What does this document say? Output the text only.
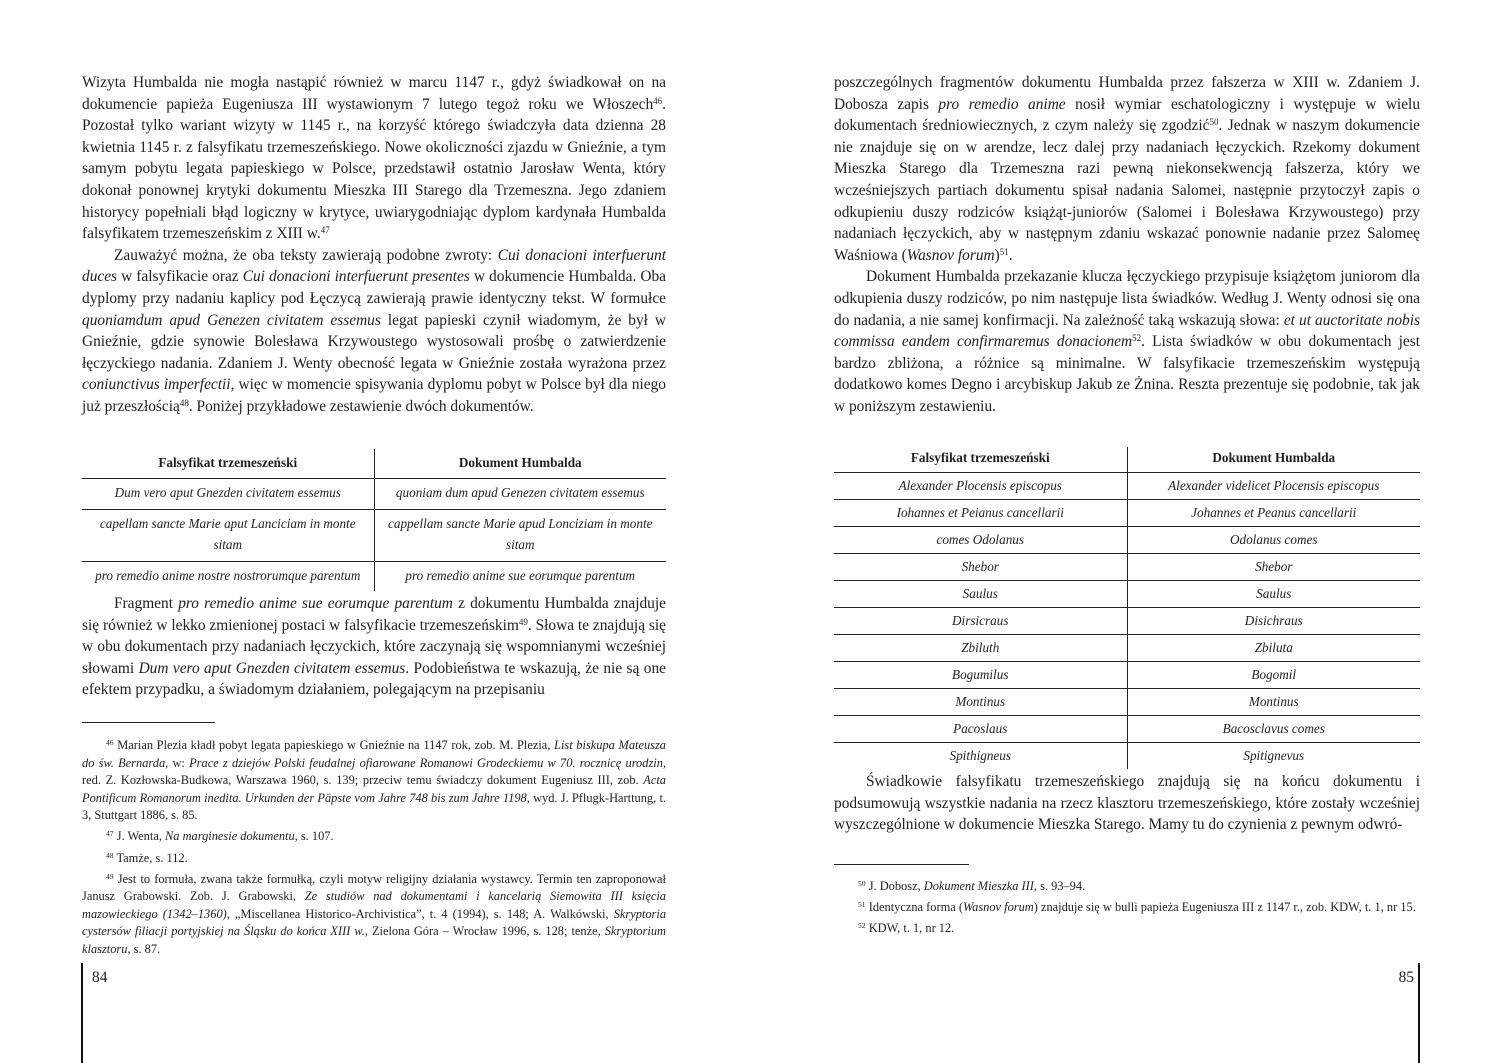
Wizyta Humbalda nie mogła nastąpić również w marcu 1147 r., gdyż świadkował on na dokumencie papieża Eugeniusza III wystawionym 7 lutego tegoż roku we Włoszech$^{46}$. Pozostał tylko wariant wizyty w 1145 r., na korzyść którego świadczyła data dzienna 28 kwietnia 1145 r. z falsyfikatu trzemeszeńskiego. Nowe okoliczności zjazdu w Gnieźnie, a tym samym pobytu legata papieskiego w Polsce, przedstawił ostatnio Jarosław Wenta, który dokonał ponownej krytyki dokumentu Mieszka III Starego dla Trzemeszna. Jego zdaniem historycy popełniali błąd logiczny w krytyce, uwiarygodniając dyplom kardynała Humbalda falsyfikatem trzemeszeńskim z XIII w.$^{47}$

Zauważyć można, że oba teksty zawierają podobne zwroty: Cui donacioni interfuerunt duces w falsyfikacie oraz Cui donacioni interfuerunt presentes w dokumencie Humbalda. Oba dyplomy przy nadaniu kaplicy pod Łęczycą zawierają prawie identyczny tekst. W formułce quoniamdum apud Genezen civitatem essemus legat papieski czynił wiadomym, że był w Gnieźnie, gdzie synowie Bolesława Krzywoustego wystosowali prośbę o zatwierdzenie łęczyckiego nadania. Zdaniem J. Wenty obecność legata w Gnieźnie została wyrażona przez coniunctivus imperfectii, więc w momencie spisywania dyplomu pobyt w Polsce był dla niego już przeszłością$^{48}$. Poniżej przykładowe zestawienie dwóch dokumentów.

Falsyfikat trzemeszeński	Dokument Humbalda
Dum vero aput Gnezden civitatem essemus	quoniam dum apud Genezen civitatem essemus
capellam sancte Marie aput Lanciciam in monte sitam	cappellam sancte Marie apud Lonciziam in monte sitam
pro remedio anime nostre nostrorumque parentum	pro remedio anime sue eorumque parentum

Fragment pro remedio anime sue eorumque parentum z dokumentu Humbalda znajduje się również w lekko zmienionej postaci w falsyfikacie trzemeszeńskim$^{49}$. Słowa te znajdują się w obu dokumentach przy nadaniach łęczyckich, które zaczynają się wspomnianymi wcześniej słowami Dum vero aput Gnezden civitatem essemus. Podobieństwa te wskazują, że nie są one efektem przypadku, a świadomym działaniem, polegającym na przepisaniu

$^{46}$ Marian Plezia kładł pobyt legata papieskiego w Gnieźnie na 1147 rok, zob. M. Plezia, List biskupa Mateusza do św. Bernarda, w: Prace z dziejów Polski feudalnej ofiarowane Romanowi Grodeckiemu w 70. rocznicę urodzin, red. Z. Kozłowska-Budkowa, Warszawa 1960, s. 139; przeciw temu świadczy dokument Eugeniusz III, zob. Acta Pontificum Romanorum inedita. Urkunden der Päpste vom Jahre 748 bis zum Jahre 1198, wyd. J. Pflugk-Harttung, t. 3, Stuttgart 1886, s. 85.

$^{47}$ J. Wenta, Na marginesie dokumentu, s. 107.

$^{48}$ Tamże, s. 112.

$^{49}$ Jest to formuła, zwana także formułką, czyli motyw religijny działania wystawcy. Termin ten zaproponował Janusz Grabowski. Zob. J. Grabowski, Ze studiów nad dokumentami i kancelarią Siemowita III księcia mazowieckiego (1342–1360), „Miscellanea Historico-Archivistica”, t. 4 (1994), s. 148; A. Walkówski, Skryptoria cystersów filiacji portyjskiej na Śląsku do końca XIII w., Zielona Góra – Wrocław 1996, s. 128; tenże, Skryptorium klasztoru, s. 87.

84

poszczególnych fragmentów dokumentu Humbalda przez fałszerza w XIII w. Zdaniem J. Dobosza zapis pro remedio anime nosił wymiar eschatologiczny i występuje w wielu dokumentach średniowiecznych, z czym należy się zgodzić$^{50}$. Jednak w naszym dokumencie nie znajduje się on w arendze, lecz dalej przy nadaniach łęczyckich. Rzekomy dokument Mieszka Starego dla Trzemeszna razi pewną niekonsekwencją fałszerza, który we wcześniejszych partiach dokumentu spisał nadania Salomei, następnie przytoczył zapis o odkupieniu duszy rodziców książąt-juniorów (Salomei i Bolesława Krzywoustego) przy nadaniach łęczyckich, aby w następnym zdaniu wskazać ponownie nadanie przez Salomeę Waśniowa (Wasnov forum)$^{51}$.

Dokument Humbalda przekazanie klucza łęczyckiego przypisuje książętom juniorom dla odkupienia duszy rodziców, po nim następuje lista świadków. Według J. Wenty odnosi się ona do nadania, a nie samej konfirmacji. Na zależność taką wskazują słowa: et ut auctoritate nobis commissa eandem confirmaremus donacionem$^{52}$. Lista świadków w obu dokumentach jest bardzo zbliżona, a różnice są minimalne. W falsyfikacie trzemeszeńskim występują dodatkowo komes Degno i arcybiskup Jakub ze Żnina. Reszta prezentuje się podobnie, tak jak w poniższym zestawieniu.

Falsyfikat trzemeszeński	Dokument Humbalda
Alexander Plocensis episcopus	Alexander videlicet Plocensis episcopus
Iohannes et Peianus cancellarii	Johannes et Peanus cancellarii
comes Odolanus	Odolanus comes
Shebor	Shebor
Saulus	Saulus
Dirsicraus	Disichraus
Zbiluth	Zbiluta
Bogumilus	Bogomil
Montinus	Montinus
Pacoslaus	Bacosclavus comes
Spithigneus	Spitignevus

Świadkowie falsyfikatu trzemeszeńskiego znajdują się na końcu dokumentu i podsumowują wszystkie nadania na rzecz klasztoru trzemeszeńskiego, które zostały wcześniej wyszczególnione w dokumencie Mieszka Starego. Mamy tu do czynienia z pewnym odwró-

$^{50}$ J. Dobosz, Dokument Mieszka III, s. 93–94.

$^{51}$ Identyczna forma (Wasnov forum) znajduje się w bulli papieża Eugeniusza III z 1147 r., zob. KDW, t. 1, nr 15.

$^{52}$ KDW, t. 1, nr 12.

85
